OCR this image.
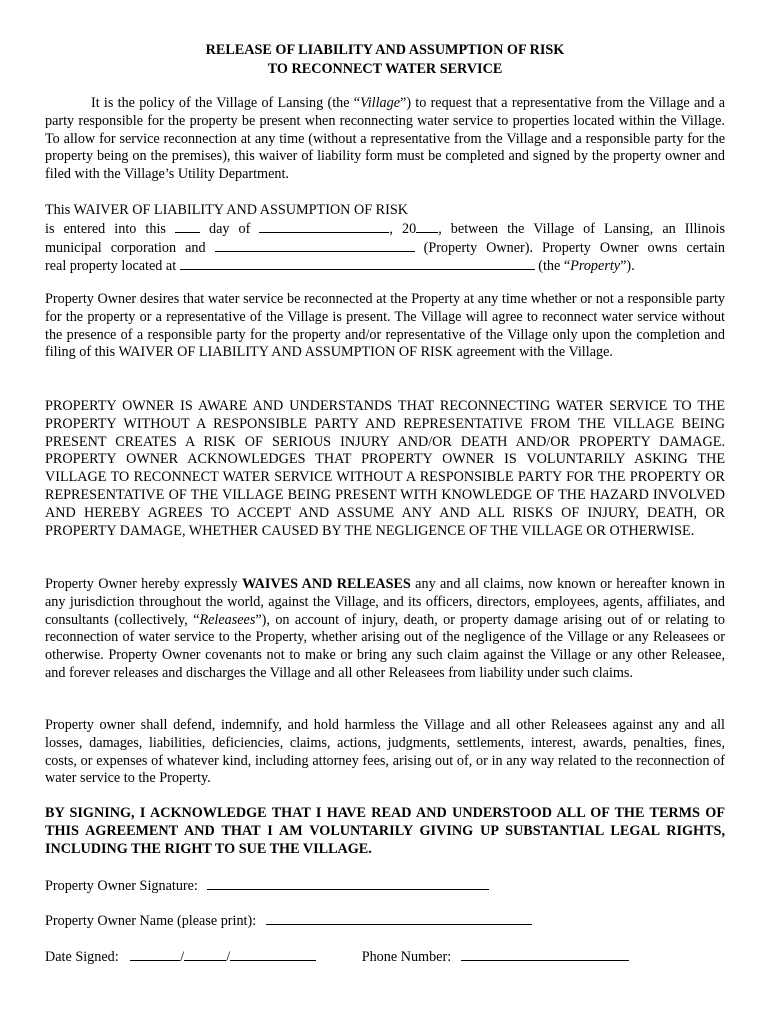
RELEASE OF LIABILITY AND ASSUMPTION OF RISK
TO RECONNECT WATER SERVICE

It is the policy of the Village of Lansing (the “Village”) to request that a representative from the Village and a party responsible for the property be present when reconnecting water service to properties located within the Village. To allow for service reconnection at any time (without a representative from the Village and a responsible party for the property being on the premises), this waiver of liability form must be completed and signed by the property owner and filed with the Village’s Utility Department.

This WAIVER OF LIABILITY AND ASSUMPTION OF RISK

is entered into this	day of	, 20 , between the Village of Lansing, an Illinois

municipal corporation and	(Property Owner). Property Owner owns certain

real property located at	(the “Property”).

Property Owner desires that water service be reconnected at the Property at any time whether or not a responsible party for the property or a representative of the Village is present. The Village will agree to reconnect water service without the presence of a responsible party for the property and/or representative of the Village only upon the completion and filing of this WAIVER OF LIABILITY AND ASSUMPTION OF RISK agreement with the Village.

PROPERTY OWNER IS AWARE AND UNDERSTANDS THAT RECONNECTING WATER SERVICE TO THE PROPERTY WITHOUT A RESPONSIBLE PARTY AND REPRESENTATIVE FROM THE VILLAGE BEING PRESENT CREATES A RISK OF SERIOUS INJURY AND/OR DEATH AND/OR PROPERTY DAMAGE. PROPERTY OWNER ACKNOWLEDGES THAT PROPERTY OWNER IS VOLUNTARILY ASKING THE VILLAGE TO RECONNECT WATER SERVICE WITHOUT A RESPONSIBLE PARTY FOR THE PROPERTY OR REPRESENTATIVE OF THE VILLAGE BEING PRESENT WITH KNOWLEDGE OF THE HAZARD INVOLVED AND HEREBY AGREES TO ACCEPT AND ASSUME ANY AND ALL RISKS OF INJURY, DEATH, OR PROPERTY DAMAGE, WHETHER CAUSED BY THE NEGLIGENCE OF THE VILLAGE OR OTHERWISE.

Property Owner hereby expressly WAIVES AND RELEASES any and all claims, now known or hereafter known in any jurisdiction throughout the world, against the Village, and its officers, directors, employees, agents, affiliates, and consultants (collectively, “Releasees”), on account of injury, death, or property damage arising out of or relating to reconnection of water service to the Property, whether arising out of the negligence of the Village or any Releasees or otherwise. Property Owner covenants not to make or bring any such claim against the Village or any other Releasee, and forever releases and discharges the Village and all other Releasees from liability under such claims.

Property owner shall defend, indemnify, and hold harmless the Village and all other Releasees against any and all losses, damages, liabilities, deficiencies, claims, actions, judgments, settlements, interest, awards, penalties, fines, costs, or expenses of whatever kind, including attorney fees, arising out of, or in any way related to the reconnection of water service to the Property.

BY SIGNING, I ACKNOWLEDGE THAT I HAVE READ AND UNDERSTOOD ALL OF THE TERMS OF THIS AGREEMENT AND THAT I AM VOLUNTARILY GIVING UP SUBSTANTIAL LEGAL RIGHTS, INCLUDING THE RIGHT TO SUE THE VILLAGE.

Property Owner Signature:
Property Owner Name (please print):
Date Signed:	/	/	Phone Number:
